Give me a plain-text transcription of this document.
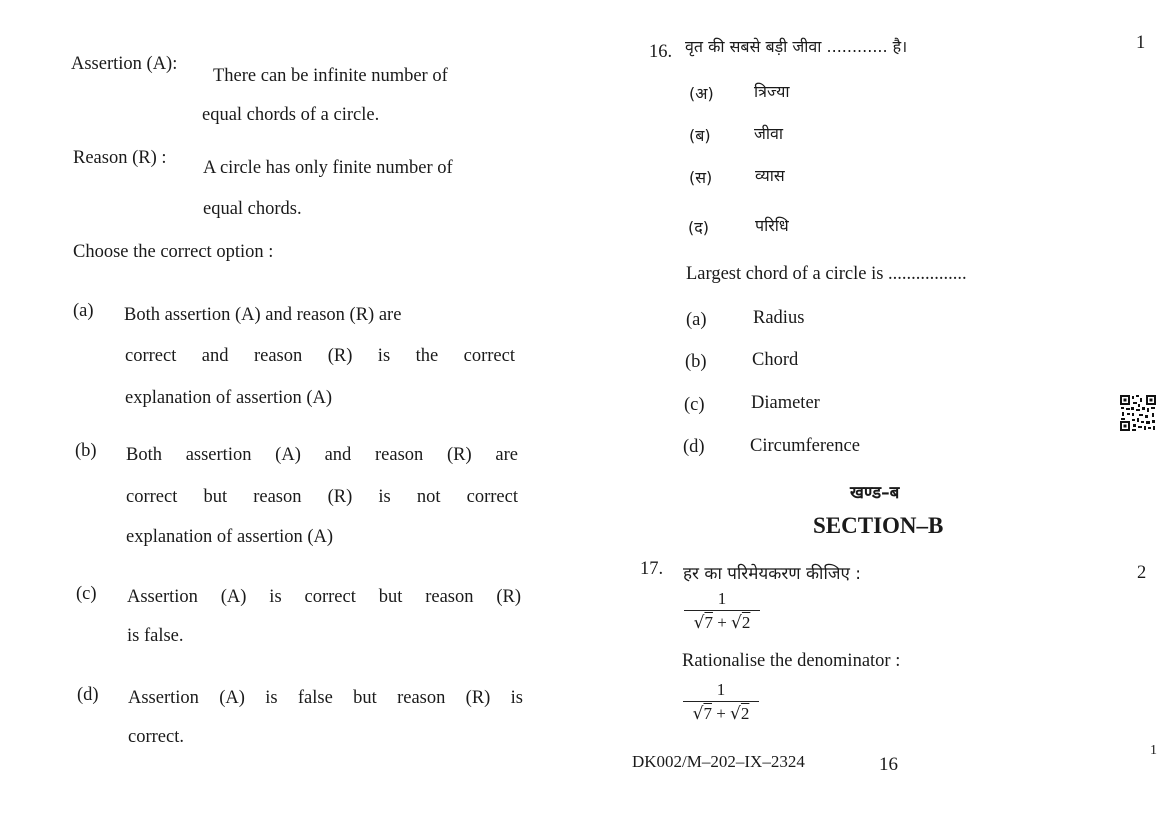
Assertion (A):
There can be infinite number of
equal chords of a circle.
Reason (R) : A circle has only finite number of
equal chords.
Choose the correct option :
(a) Both assertion (A) and reason (R) are
correct and reason (R) is the correct
explanation of assertion (A)
(b) Both assertion (A) and reason (R) are
correct but reason (R) is not correct
explanation of assertion (A)
(c) Assertion (A) is correct but reason (R)
is false.
(d) Assertion (A) is false but reason (R) is
correct.
16. वृत की सबसे बड़ी जीवा ............ है।	1
(अ)	त्रिज्या
(ब)	जीवा
(स)	व्यास
(द)	परिधि
Largest chord of a circle is .................
(a)	Radius
(b) Chord
(c)	Diameter
(d) Circumference
खण्ड–ब
SECTION–B
17. हर का परिमेयकरण कीजिए :	2
$\frac{1}{√7 + √2}$
Rationalise the denominator :
$\frac{1}{√7 + √2}$
DK002/M–202–IX–2324	16
1
